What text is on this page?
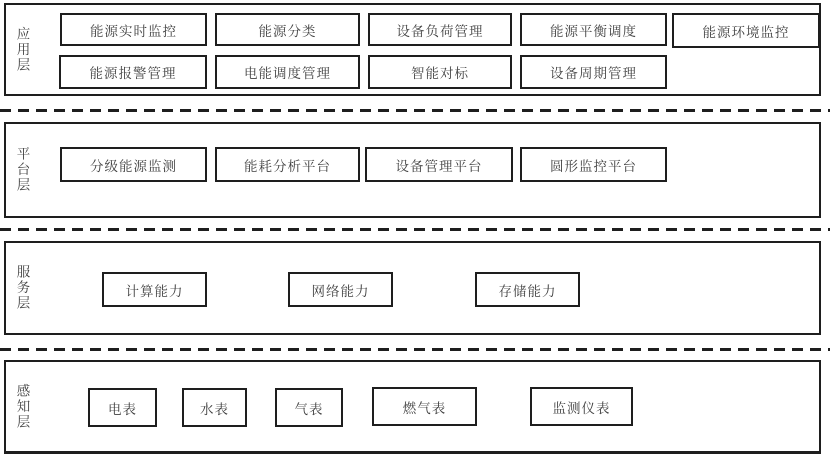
应用层
平台层
服务层
感知层
能源实时监控	能源分类	设备负荷管理	能源平衡调度	能源环境监控
能源报警管理	电能调度管理	智能对标	设备周期管理
分级能源监测	能耗分析平台	设备管理平台	圆形监控平台
计算能力	网络能力	存储能力
电表	水表	气表	燃气表	监测仪表
